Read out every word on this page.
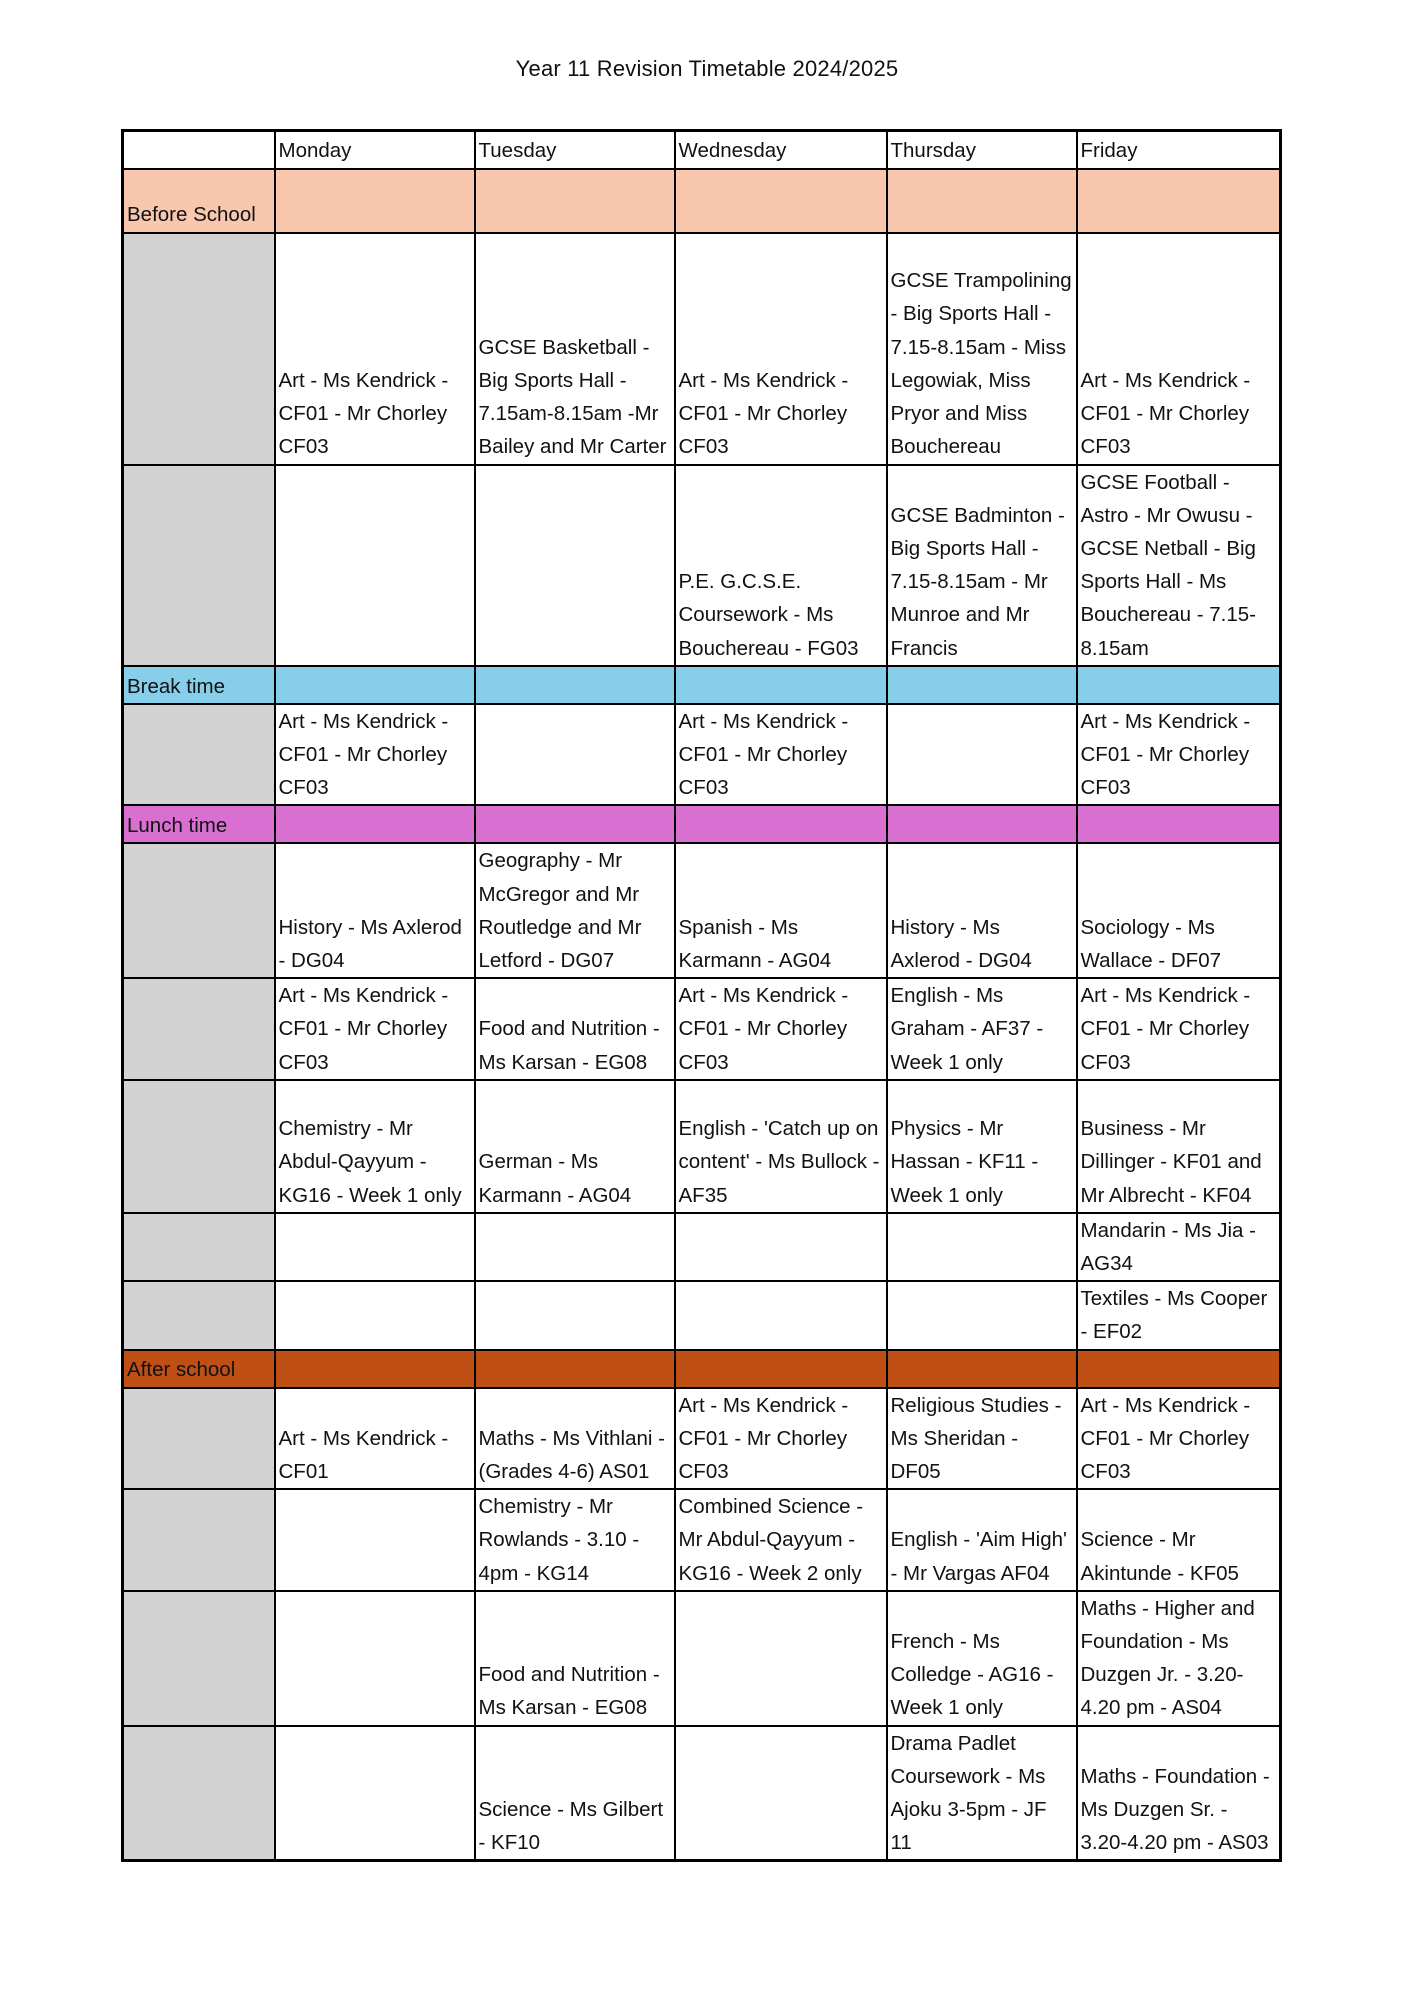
Year 11 Revision Timetable 2024/2025
	Monday	Tuesday	Wednesday	Thursday	Friday
Before School					
	Art - Ms Kendrick - CF01 - Mr Chorley CF03	GCSE Basketball - Big Sports Hall - 7.15am-8.15am -Mr Bailey and Mr Carter	Art - Ms Kendrick - CF01 - Mr Chorley CF03	GCSE Trampolining - Big Sports Hall - 7.15-8.15am - Miss Legowiak, Miss Pryor and Miss Bouchereau	Art - Ms Kendrick - CF01 - Mr Chorley CF03
			P.E. G.C.S.E. Coursework - Ms Bouchereau - FG03	GCSE Badminton - Big Sports Hall - 7.15-8.15am - Mr Munroe and Mr Francis	GCSE Football - Astro - Mr Owusu - GCSE Netball - Big Sports Hall - Ms Bouchereau - 7.15-8.15am
Break time					
	Art - Ms Kendrick - CF01 - Mr Chorley CF03		Art - Ms Kendrick - CF01 - Mr Chorley CF03		Art - Ms Kendrick - CF01 - Mr Chorley CF03
Lunch time					
	History - Ms Axlerod - DG04	Geography - Mr McGregor and Mr Routledge and Mr Letford - DG07	Spanish - Ms Karmann - AG04	History - Ms Axlerod - DG04	Sociology - Ms Wallace - DF07
	Art - Ms Kendrick - CF01 - Mr Chorley CF03	Food and Nutrition - Ms Karsan - EG08	Art - Ms Kendrick - CF01 - Mr Chorley CF03	English - Ms Graham - AF37 - Week 1 only	Art - Ms Kendrick - CF01 - Mr Chorley CF03
	Chemistry - Mr Abdul-Qayyum - KG16 - Week 1 only	German - Ms Karmann - AG04	English - 'Catch up on content' - Ms Bullock - AF35	Physics - Mr Hassan - KF11 - Week 1 only	Business - Mr Dillinger - KF01 and Mr Albrecht - KF04
					Mandarin - Ms Jia - AG34
					Textiles - Ms Cooper - EF02
After school					
	Art - Ms Kendrick - CF01	Maths - Ms Vithlani - (Grades 4-6) AS01	Art - Ms Kendrick - CF01 - Mr Chorley CF03	Religious Studies - Ms Sheridan - DF05	Art - Ms Kendrick - CF01 - Mr Chorley CF03
		Chemistry - Mr Rowlands - 3.10 - 4pm - KG14	Combined Science - Mr Abdul-Qayyum - KG16 - Week 2 only	English - 'Aim High' - Mr Vargas AF04	Science - Mr Akintunde - KF05
		Food and Nutrition - Ms Karsan - EG08		French - Ms Colledge - AG16 - Week 1 only	Maths - Higher and Foundation - Ms Duzgen Jr. - 3.20-4.20 pm - AS04
		Science - Ms Gilbert - KF10		Drama Padlet Coursework - Ms Ajoku 3-5pm - JF 11	Maths - Foundation - Ms Duzgen Sr. - 3.20-4.20 pm - AS03
